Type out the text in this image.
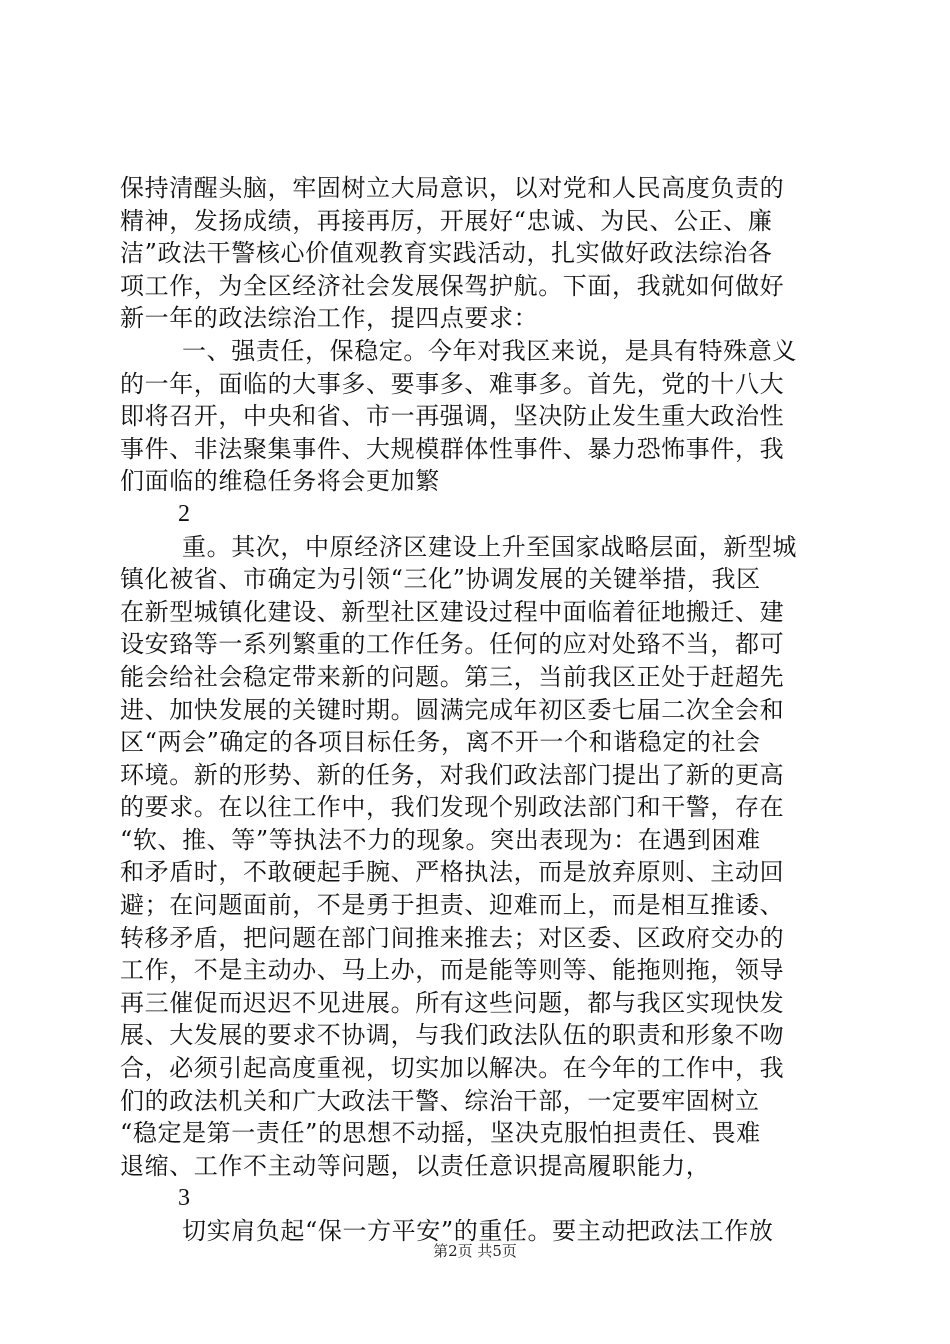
保持清醒头脑，牢固树立大局意识，以对党和人民高度负责的
精神，发扬成绩，再接再厉，开展好“忠诚、为民、公正、廉
洁”政法干警核心价值观教育实践活动，扎实做好政法综治各
项工作，为全区经济社会发展保驾护航。下面，我就如何做好
新一年的政法综治工作，提四点要求：
一、强责任，保稳定。今年对我区来说，是具有特殊意义
的一年，面临的大事多、要事多、难事多。首先，党的十八大
即将召开，中央和省、市一再强调，坚决防止发生重大政治性
事件、非法聚集事件、大规模群体性事件、暴力恐怖事件，我
们面临的维稳任务将会更加繁
2
重。其次，中原经济区建设上升至国家战略层面，新型城
镇化被省、市确定为引领“三化”协调发展的关键举措，我区
在新型城镇化建设、新型社区建设过程中面临着征地搬迁、建
设安臵等一系列繁重的工作任务。任何的应对处臵不当，都可
能会给社会稳定带来新的问题。第三，当前我区正处于赶超先
进、加快发展的关键时期。圆满完成年初区委七届二次全会和
区“两会”确定的各项目标任务，离不开一个和谐稳定的社会
环境。新的形势、新的任务，对我们政法部门提出了新的更高
的要求。在以往工作中，我们发现个别政法部门和干警，存在
“软、推、等”等执法不力的现象。突出表现为：在遇到困难
和矛盾时，不敢硬起手腕、严格执法，而是放弃原则、主动回
避；在问题面前，不是勇于担责、迎难而上，而是相互推诿、
转移矛盾，把问题在部门间推来推去；对区委、区政府交办的
工作，不是主动办、马上办，而是能等则等、能拖则拖，领导
再三催促而迟迟不见进展。所有这些问题，都与我区实现快发
展、大发展的要求不协调，与我们政法队伍的职责和形象不吻
合，必须引起高度重视，切实加以解决。在今年的工作中，我
们的政法机关和广大政法干警、综治干部，一定要牢固树立
“稳定是第一责任”的思想不动摇，坚决克服怕担责任、畏难
退缩、工作不主动等问题，以责任意识提高履职能力，
3
切实肩负起“保一方平安”的重任。要主动把政法工作放
第2页 共5页
